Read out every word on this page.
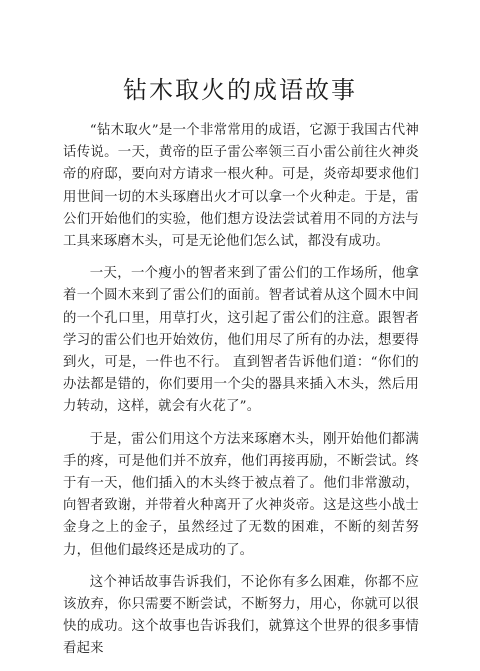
钻木取火的成语故事

“钻木取火”是一个非常常用的成语，它源于我国古代神话传说。一天，黄帝的臣子雷公率领三百小雷公前往火神炎帝的府邸，要向对方请求一根火种。可是，炎帝却要求他们用世间一切的木头琢磨出火才可以拿一个火种走。于是，雷公们开始他们的实验，他们想方设法尝试着用不同的方法与工具来琢磨木头，可是无论他们怎么试，都没有成功。

一天，一个瘦小的智者来到了雷公们的工作场所，他拿着一个圆木来到了雷公们的面前。智者试着从这个圆木中间的一个孔口里，用草打火，这引起了雷公们的注意。跟智者学习的雷公们也开始效仿，他们用尽了所有的办法，想要得到火，可是，一件也不行。 直到智者告诉他们道：“你们的办法都是错的，你们要用一个尖的器具来插入木头，然后用力转动，这样，就会有火花了”。

于是，雷公们用这个方法来琢磨木头，刚开始他们都满手的疼，可是他们并不放弃，他们再接再励，不断尝试。终于有一天，他们插入的木头终于被点着了。他们非常激动，向智者致谢，并带着火种离开了火神炎帝。这是这些小战士金身之上的金子，虽然经过了无数的困难，不断的刻苦努力，但他们最终还是成功的了。

这个神话故事告诉我们，不论你有多么困难，你都不应该放弃，你只需要不断尝试，不断努力，用心，你就可以很快的成功。这个故事也告诉我们，就算这个世界的很多事情看起来
